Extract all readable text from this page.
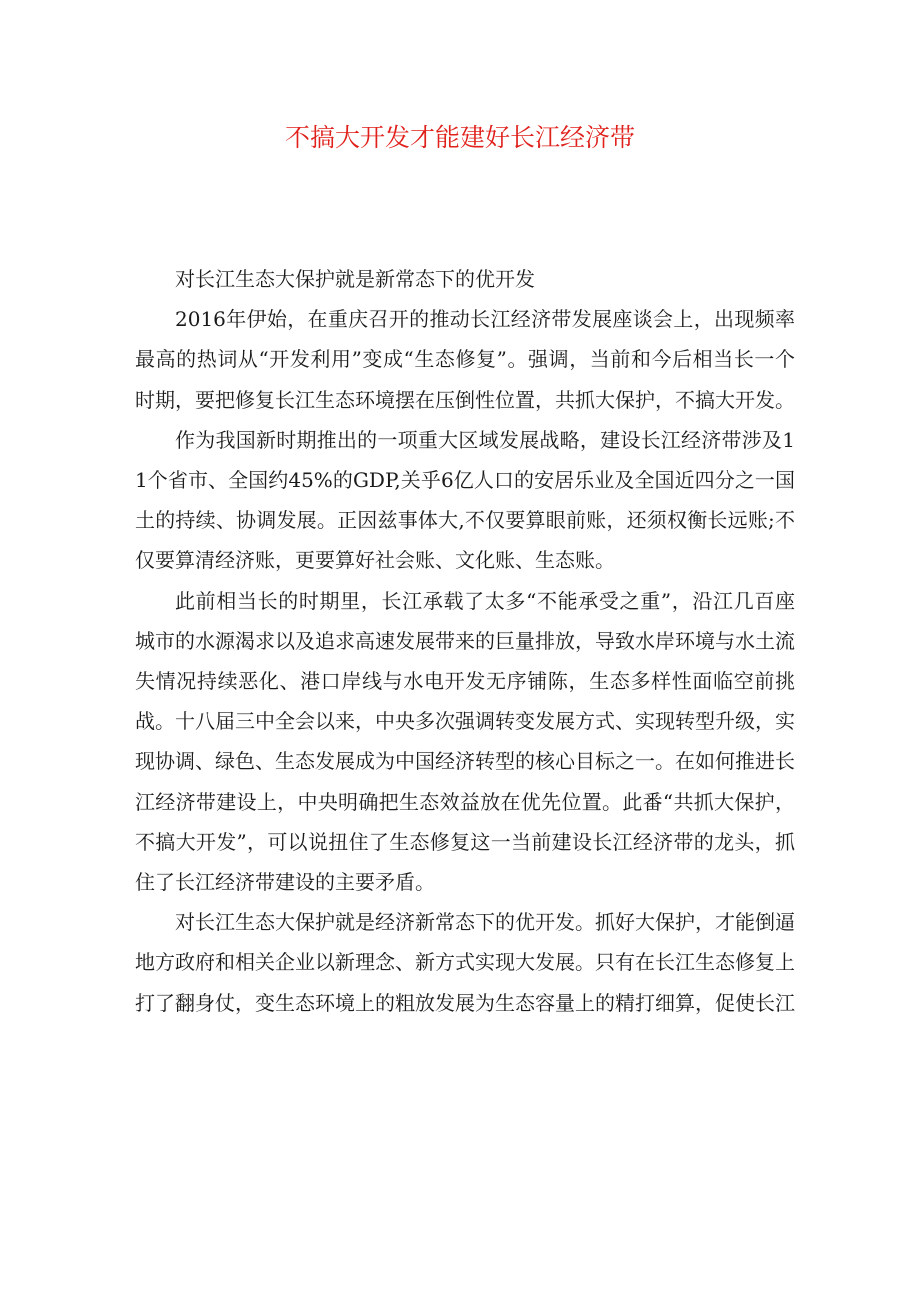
不搞大开发才能建好长江经济带

对长江生态大保护就是新常态下的优开发

2016年伊始，在重庆召开的推动长江经济带发展座谈会上，出现频率最高的热词从“开发利用”变成“生态修复”。强调，当前和今后相当长一个时期，要把修复长江生态环境摆在压倒性位置，共抓大保护，不搞大开发。

作为我国新时期推出的一项重大区域发展战略，建设长江经济带涉及11个省市、全国约45%的GDP,关乎6亿人口的安居乐业及全国近四分之一国土的持续、协调发展。正因兹事体大,不仅要算眼前账，还须权衡长远账;不仅要算清经济账，更要算好社会账、文化账、生态账。

此前相当长的时期里，长江承载了太多“不能承受之重”，沿江几百座城市的水源渴求以及追求高速发展带来的巨量排放，导致水岸环境与水土流失情况持续恶化、港口岸线与水电开发无序铺陈，生态多样性面临空前挑战。十八届三中全会以来，中央多次强调转变发展方式、实现转型升级，实现协调、绿色、生态发展成为中国经济转型的核心目标之一。在如何推进长江经济带建设上，中央明确把生态效益放在优先位置。此番“共抓大保护，不搞大开发”，可以说扭住了生态修复这一当前建设长江经济带的龙头，抓住了长江经济带建设的主要矛盾。

对长江生态大保护就是经济新常态下的优开发。抓好大保护，才能倒逼地方政府和相关企业以新理念、新方式实现大发展。只有在长江生态修复上打了翻身仗，变生态环境上的粗放发展为生态容量上的精打细算，促使长江
